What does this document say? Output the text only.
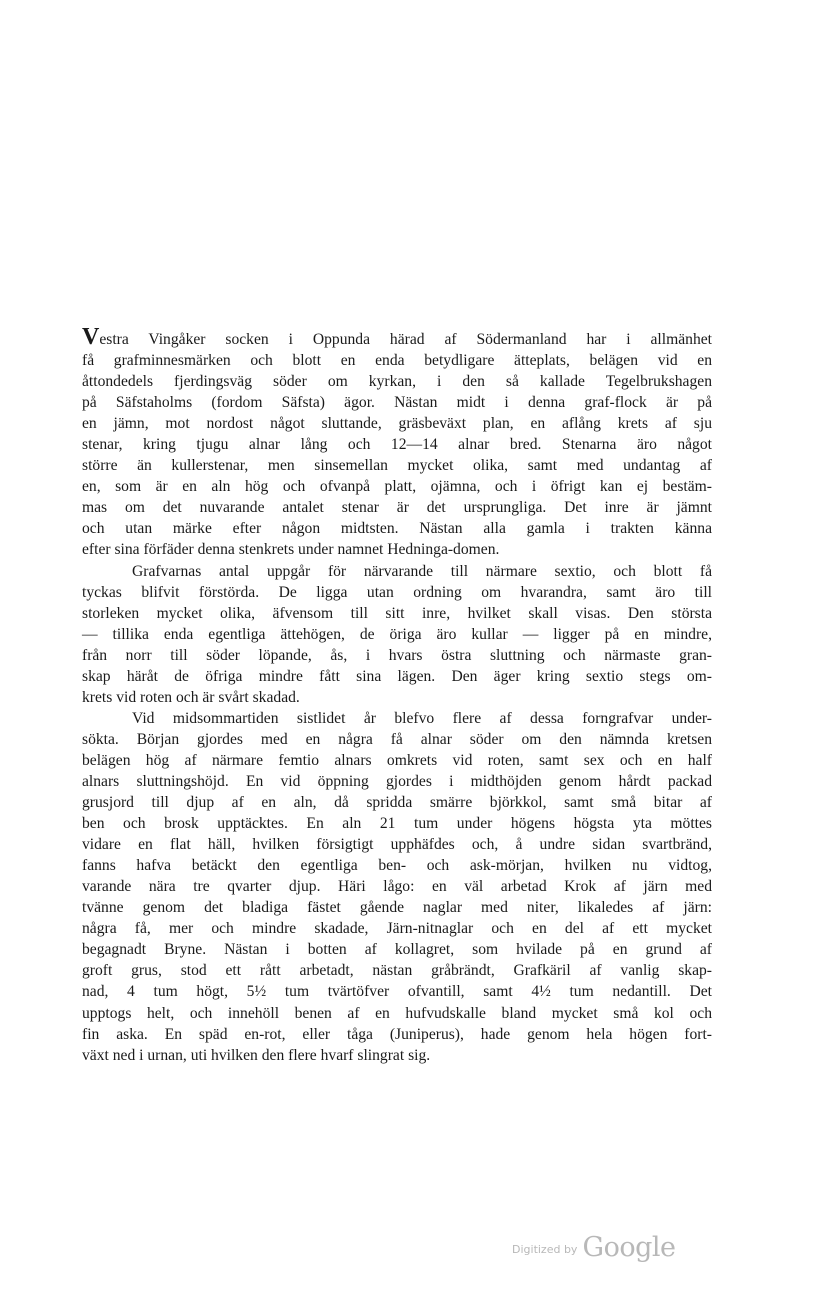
Vestra Vingåker socken i Oppunda härad af Södermanland har i allmänhet
få grafminnesmärken och blott en enda betydligare ätteplats, belägen vid en
åttondedels fjerdingsväg söder om kyrkan, i den så kallade Tegelbrukshagen
på Säfstaholms (fordom Säfsta) ägor. Nästan midt i denna graf-flock är på
en jämn, mot nordost något sluttande, gräsbeväxt plan, en aflång krets af sju
stenar, kring tjugu alnar lång och 12—14 alnar bred. Stenarna äro något
större än kullerstenar, men sinsemellan mycket olika, samt med undantag af
en, som är en aln hög och ofvanpå platt, ojämna, och i öfrigt kan ej bestäm-
mas om det nuvarande antalet stenar är det ursprungliga. Det inre är jämnt
och utan märke efter någon midtsten. Nästan alla gamla i trakten känna
efter sina förfäder denna stenkrets under namnet Hedninga-domen.
Grafvarnas antal uppgår för närvarande till närmare sextio, och blott få
tyckas blifvit förstörda. De ligga utan ordning om hvarandra, samt äro till
storleken mycket olika, äfvensom till sitt inre, hvilket skall visas. Den största
— tillika enda egentliga ättehögen, de öriga äro kullar — ligger på en mindre,
från norr till söder löpande, ås, i hvars östra sluttning och närmaste gran-
skap häråt de öfriga mindre fått sina lägen. Den äger kring sextio stegs om-
krets vid roten och är svårt skadad.
Vid midsommartiden sistlidet år blefvo flere af dessa forngrafvar under-
sökta. Början gjordes med en några få alnar söder om den nämnda kretsen
belägen hög af närmare femtio alnars omkrets vid roten, samt sex och en half
alnars sluttningshöjd. En vid öppning gjordes i midthöjden genom hårdt packad
grusjord till djup af en aln, då spridda smärre björkkol, samt små bitar af
ben och brosk upptäcktes. En aln 21 tum under högens högsta yta möttes
vidare en flat häll, hvilken försigtigt upphäfdes och, å undre sidan svartbränd,
fanns hafva betäckt den egentliga ben- och ask-mörjan, hvilken nu vidtog,
varande nära tre qvarter djup. Häri lågo: en väl arbetad Krok af järn med
tvänne genom det bladiga fästet gående naglar med niter, likaledes af järn:
några få, mer och mindre skadade, Järn-nitnaglar och en del af ett mycket
begagnadt Bryne. Nästan i botten af kollagret, som hvilade på en grund af
groft grus, stod ett rått arbetadt, nästan gråbrändt, Grafkäril af vanlig skap-
nad, 4 tum högt, 5½ tum tvärtöfver ofvantill, samt 4½ tum nedantill. Det
upptogs helt, och innehöll benen af en hufvudskalle bland mycket små kol och
fin aska. En späd en-rot, eller tåga (Juniperus), hade genom hela högen fort-
växt ned i urnan, uti hvilken den flere hvarf slingrat sig.
Digitized by Google
